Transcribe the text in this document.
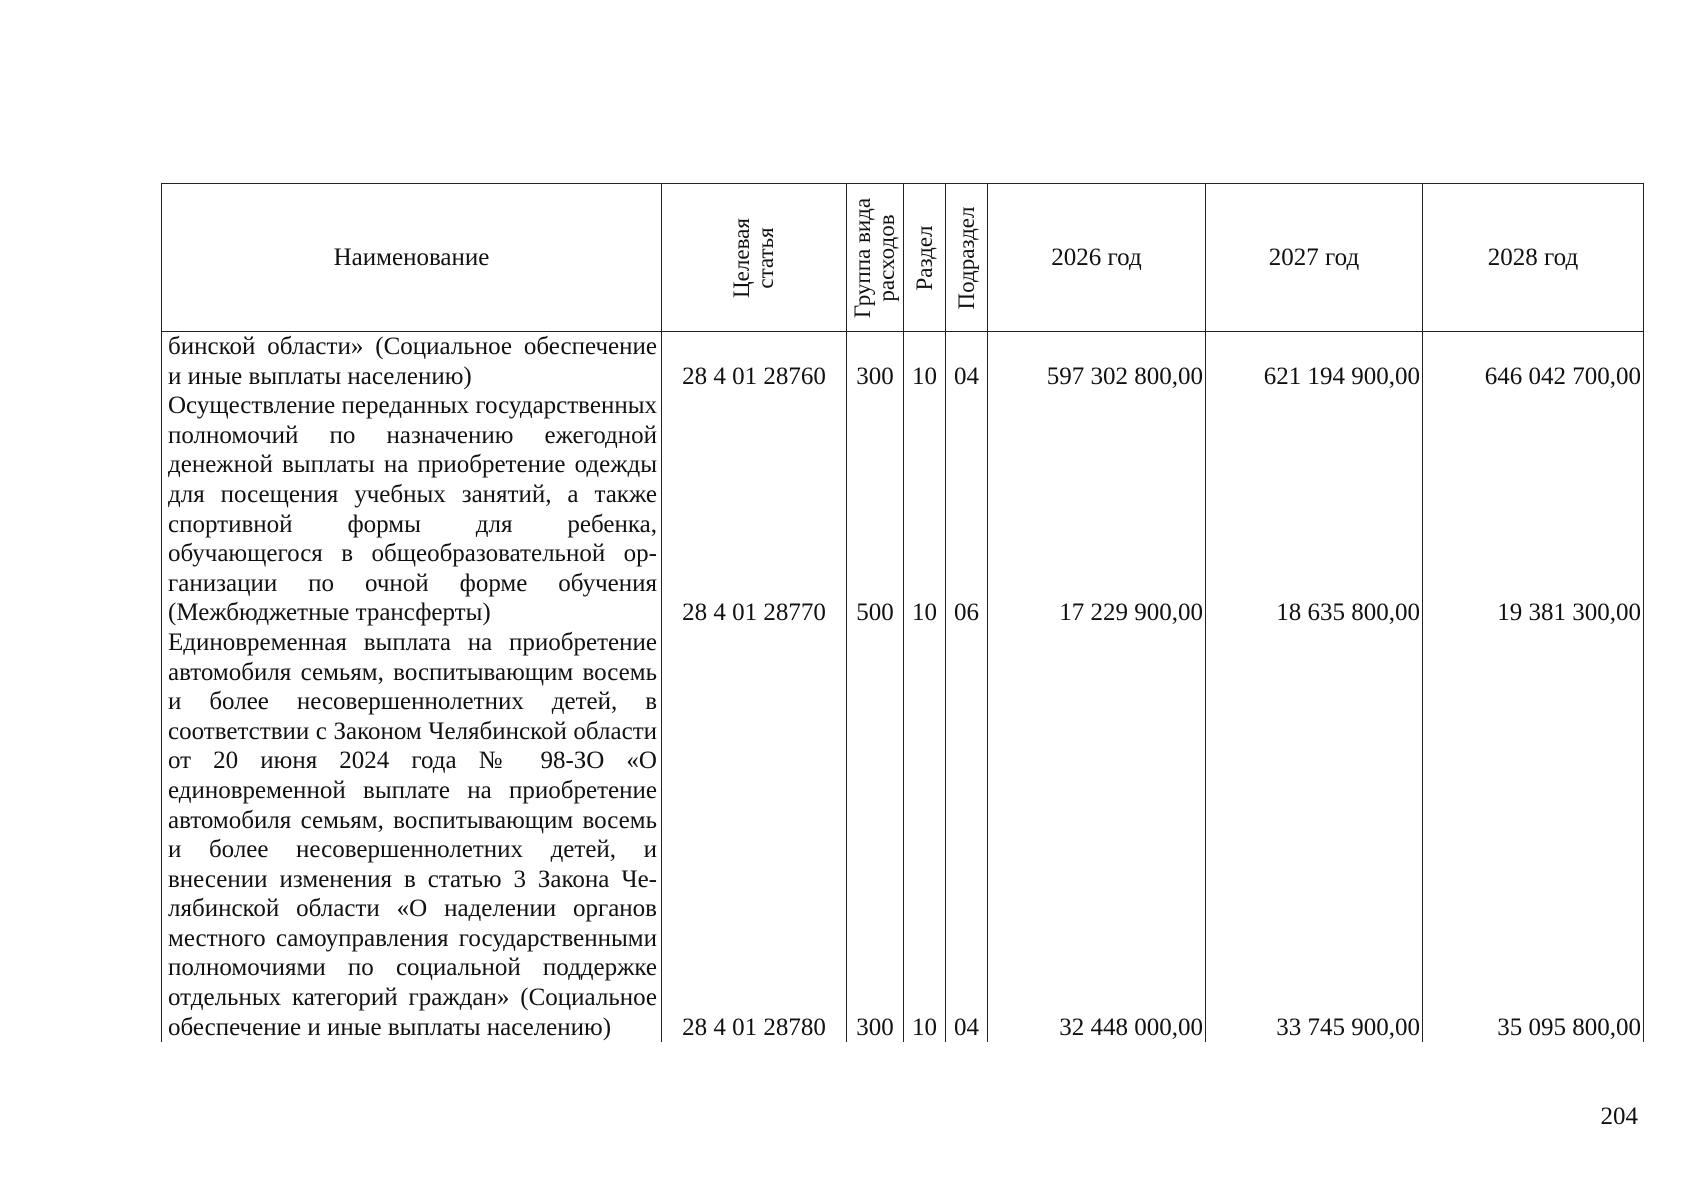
Наименование	Целевая статья	Группа вида расходов	Раздел	Подраздел	2026 год	2027 год	2028 год
бинской области» (Социальное обеспечение и иные выплаты населению)	28 4 01 28760	300	10	04	597 302 800,00	621 194 900,00	646 042 700,00
Осуществление переданных государственных полномочий по назначению ежегодной денежной выплаты на приобретение одежды для посещения учебных занятий, а также спортивной формы для ребенка, обучающегося в общеобразовательной организации по очной форме обучения (Межбюджетные трансферты)	28 4 01 28770	500	10	06	17 229 900,00	18 635 800,00	19 381 300,00
Единовременная выплата на приобретение автомобиля семьям, воспитывающим восемь и более несовершеннолетних детей, в соответствии с Законом Челябинской области от 20 июня 2024 года № 98-ЗО «О единовременной выплате на приобретение автомобиля семьям, воспитывающим восемь и более несовершеннолетних детей, и внесении изменения в статью 3 Закона Челябинской области «О наделении органов местного самоуправления государственными полномочиями по социальной поддержке отдельных категорий граждан» (Социальное обеспечение и иные выплаты населению)	28 4 01 28780	300	10	04	32 448 000,00	33 745 900,00	35 095 800,00
204
